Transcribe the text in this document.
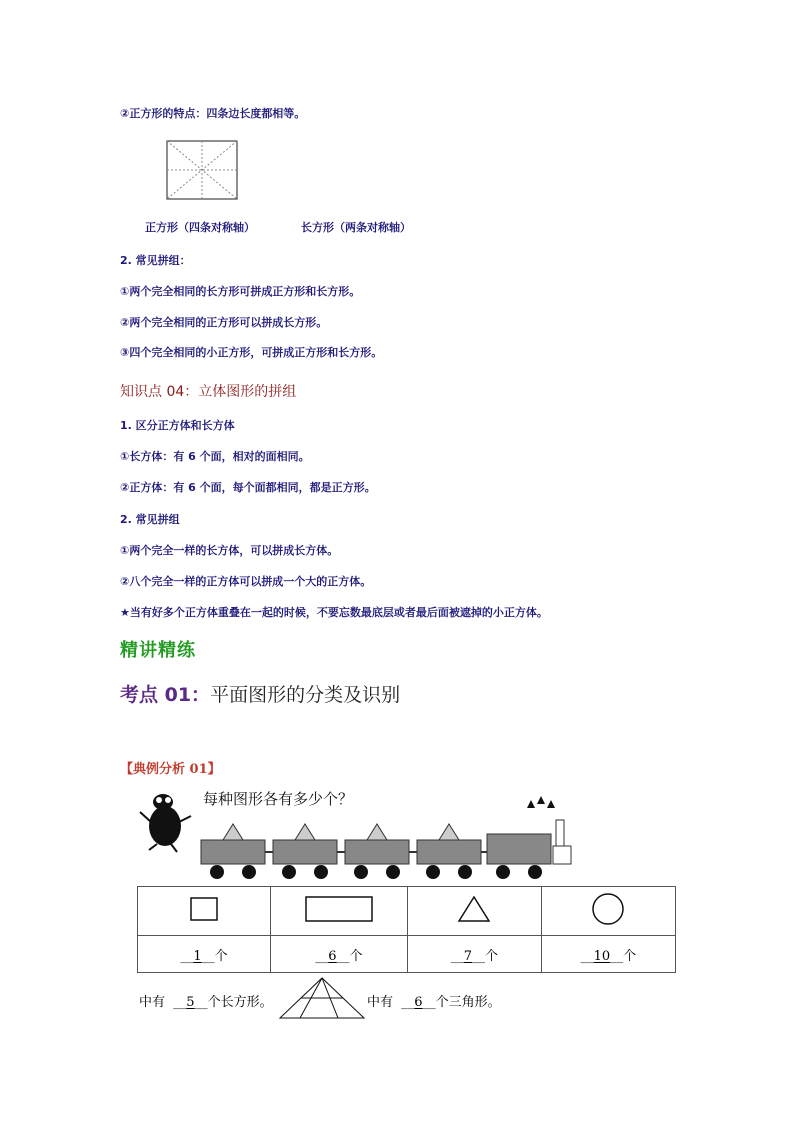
②正方形的特点：四条边长度都相等。
正方形（四条对称轴）	长方形（两条对称轴）
2. 常见拼组：
①两个完全相同的长方形可拼成正方形和长方形。
②两个完全相同的正方形可以拼成长方形。
③四个完全相同的小正方形，可拼成正方形和长方形。
知识点 04：立体图形的拼组
1. 区分正方体和长方体
①长方体：有 6 个面，相对的面相同。
②正方体：有 6 个面，每个面都相同，都是正方形。
2. 常见拼组
①两个完全一样的长方体，可以拼成长方体。
②八个完全一样的正方体可以拼成一个大的正方体。
★当有好多个正方体重叠在一起的时候，不要忘数最底层或者最后面被遮掉的小正方体。
精讲精练
考点 01：平面图形的分类及识别
【典例分析 01】
每种图形各有多少个？

__1__个	__6__个	__7__个	__10__个
中有  __5__个长方形。	中有  __6__个三角形。
